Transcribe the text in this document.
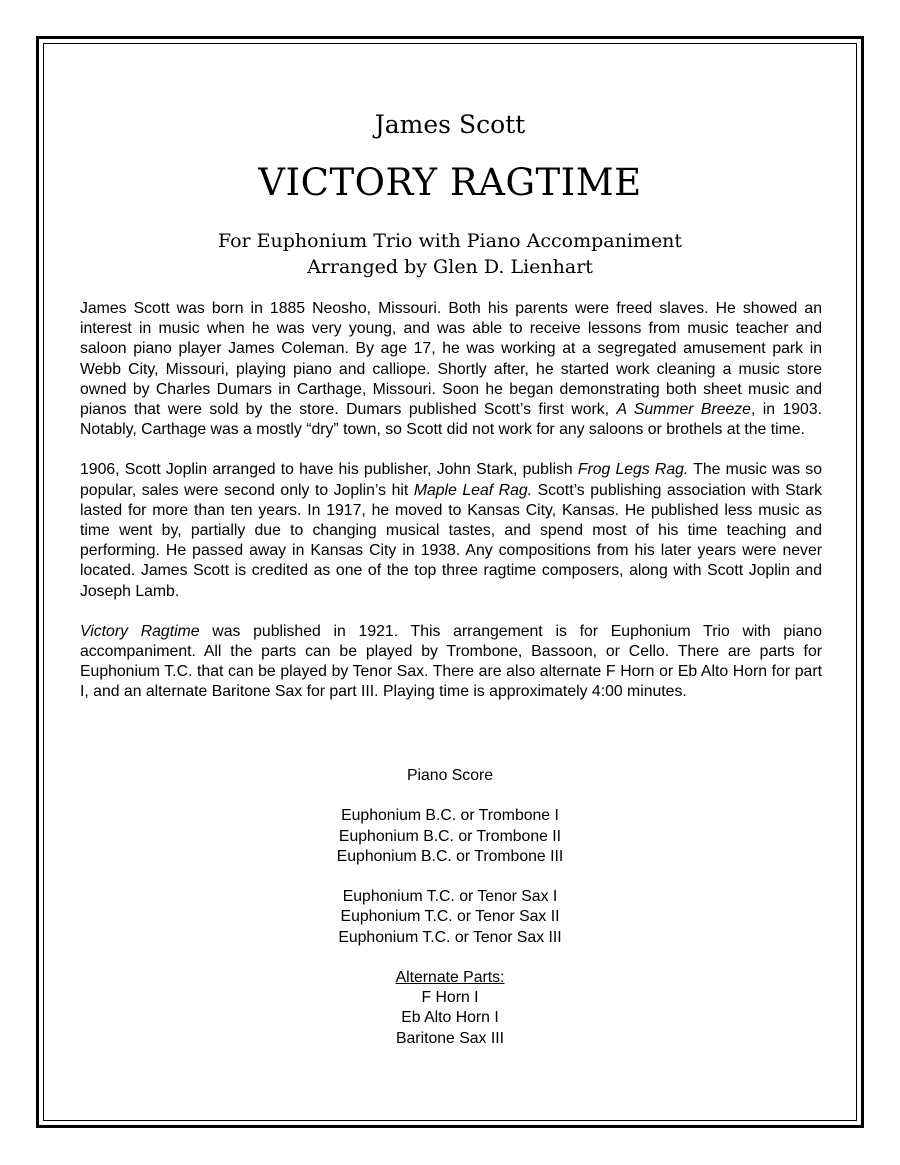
James Scott
VICTORY RAGTIME
For Euphonium Trio with Piano Accompaniment
Arranged by Glen D. Lienhart

James Scott was born in 1885 Neosho, Missouri. Both his parents were freed slaves. He showed an interest in music when he was very young, and was able to receive lessons from music teacher and saloon piano player James Coleman. By age 17, he was working at a segregated amusement park in Webb City, Missouri, playing piano and calliope. Shortly after, he started work cleaning a music store owned by Charles Dumars in Carthage, Missouri. Soon he began demonstrating both sheet music and pianos that were sold by the store. Dumars published Scott’s first work, A Summer Breeze, in 1903. Notably, Carthage was a mostly “dry” town, so Scott did not work for any saloons or brothels at the time.

1906, Scott Joplin arranged to have his publisher, John Stark, publish Frog Legs Rag. The music was so popular, sales were second only to Joplin’s hit Maple Leaf Rag. Scott’s publishing association with Stark lasted for more than ten years. In 1917, he moved to Kansas City, Kansas. He published less music as time went by, partially due to changing musical tastes, and spend most of his time teaching and performing. He passed away in Kansas City in 1938. Any compositions from his later years were never located. James Scott is credited as one of the top three ragtime composers, along with Scott Joplin and Joseph Lamb.

Victory Ragtime was published in 1921. This arrangement is for Euphonium Trio with piano accompaniment. All the parts can be played by Trombone, Bassoon, or Cello. There are parts for Euphonium T.C. that can be played by Tenor Sax. There are also alternate F Horn or Eb Alto Horn for part I, and an alternate Baritone Sax for part III. Playing time is approximately 4:00 minutes.

Piano Score
Euphonium B.C. or Trombone I
Euphonium B.C. or Trombone II
Euphonium B.C. or Trombone III
Euphonium T.C. or Tenor Sax I
Euphonium T.C. or Tenor Sax II
Euphonium T.C. or Tenor Sax III
Alternate Parts:
F Horn I
Eb Alto Horn I
Baritone Sax III
